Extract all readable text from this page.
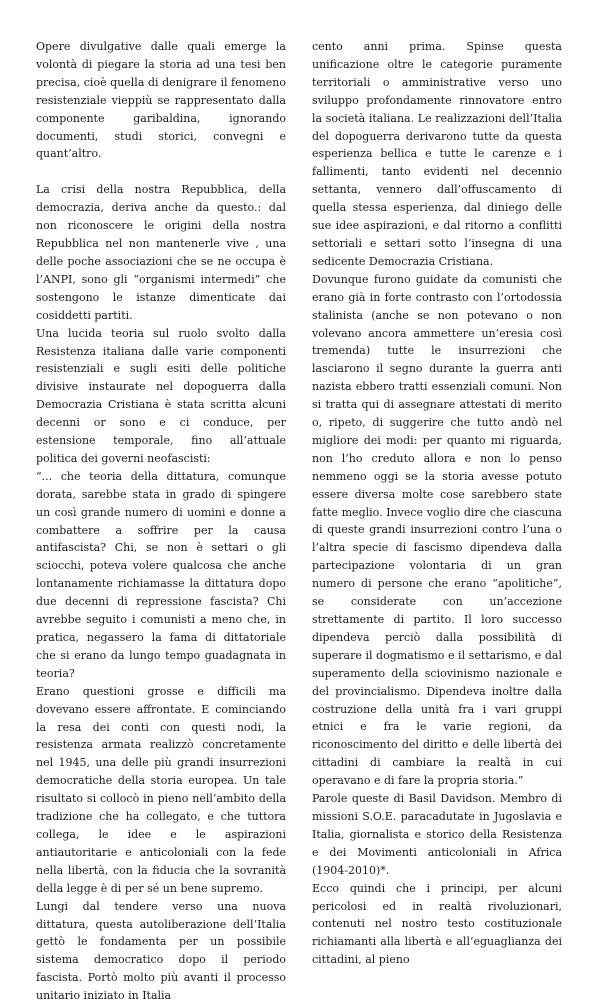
Opere divulgative dalle quali emerge la volontà di piegare la storia ad una tesi ben precisa, cioè quella di denigrare il fenomeno resistenziale vieppiù se rappresentato dalla componente garibaldina, ignorando documenti, studi storici, convegni e quant’altro.

La crisi della nostra Repubblica, della democrazia, deriva anche da questo.: dal non riconoscere le origini della nostra Repubblica nel non mantenerle vive , una delle poche associazioni che se ne occupa è l’ANPI, sono gli “organismi intermedi” che sostengono le istanze dimenticate dai cosiddetti partiti.

Una lucida teoria sul ruolo svolto dalla Resistenza italiana dalle varie componenti resistenziali e sugli esiti delle politiche divisive instaurate nel dopoguerra dalla Democrazia Cristiana è stata scritta alcuni decenni or sono e ci conduce, per estensione temporale, fino all’attuale politica dei governi neofascisti:

“... che teoria della dittatura, comunque dorata, sarebbe stata in grado di spingere un così grande numero di uomini e donne a combattere a soffrire per la causa antifascista? Chi, se non è settari o gli sciocchi, poteva volere qualcosa che anche lontanamente richiamasse la dittatura dopo due decenni di repressione fascista? Chi avrebbe seguito i comunisti a meno che, in pratica, negassero la fama di dittatoriale che si erano da lungo tempo guadagnata in teoria?

Erano questioni grosse e difficili ma dovevano essere affrontate. E cominciando la resa dei conti con questi nodi, la resistenza armata realizzò concretamente nel 1945, una delle più grandi insurrezioni democratiche della storia europea. Un tale risultato si collocò in pieno nell’ambito della tradizione che ha collegato, e che tuttora collega, le idee e le aspirazioni antiautoritarie e anticoloniali con la fede nella libertà, con la fiducia che la sovranità della legge è di per sé un bene supremo.

Lungi dal tendere verso una nuova dittatura, questa autoliberazione dell’Italia gettò le fondamenta per un possibile sistema democratico dopo il periodo fascista. Portò molto più avanti il processo unitario iniziato in Italia

cento anni prima. Spinse questa unificazione oltre le categorie puramente territoriali o amministrative verso uno sviluppo profondamente rinnovatore entro la società italiana. Le realizzazioni dell’Italia del dopoguerra derivarono tutte da questa esperienza bellica e tutte le carenze e i fallimenti, tanto evidenti nel decennio settanta, vennero dall’offuscamento di quella stessa esperienza, dal diniego delle sue idee aspirazioni, e dal ritorno a conflitti settoriali e settari sotto l’insegna di una sedicente Democrazia Cristiana.

Dovunque furono guidate da comunisti che erano già in forte contrasto con l’ortodossia stalinista (anche se non potevano o non volevano ancora ammettere un’eresia così tremenda) tutte le insurrezioni che lasciarono il segno durante la guerra anti nazista ebbero tratti essenziali comuni. Non si tratta qui di assegnare attestati di merito o, ripeto, di suggerire che tutto andò nel migliore dei modi: per quanto mi riguarda, non l’ho creduto allora e non lo penso nemmeno oggi se la storia avesse potuto essere diversa molte cose sarebbero state fatte meglio. Invece voglio dire che ciascuna di queste grandi insurrezioni contro l’una o l’altra specie di fascismo dipendeva dalla partecipazione volontaria di un gran numero di persone che erano “apolitiche”, se considerate con un’accezione strettamente di partito. Il loro successo dipendeva perciò dalla possibilità di superare il dogmatismo e il settarismo, e dal superamento della sciovinismo nazionale e del provincialismo. Dipendeva inoltre dalla costruzione della unità fra i vari gruppi etnici e fra le varie regioni, da riconoscimento del diritto e delle libertà dei cittadini di cambiare la realtà in cui operavano e di fare la propria storia.”

Parole queste di Basil Davidson. Membro di missioni S.O.E. paracadutate in Jugoslavia e Italia, giornalista e storico della Resistenza e dei Movimenti anticoloniali in Africa (1904-2010)*.

Ecco quindi che i principi, per alcuni pericolosi ed in realtà rivoluzionari, contenuti nel nostro testo costituzionale richiamanti alla libertà e all’eguaglianza dei cittadini, al pieno
